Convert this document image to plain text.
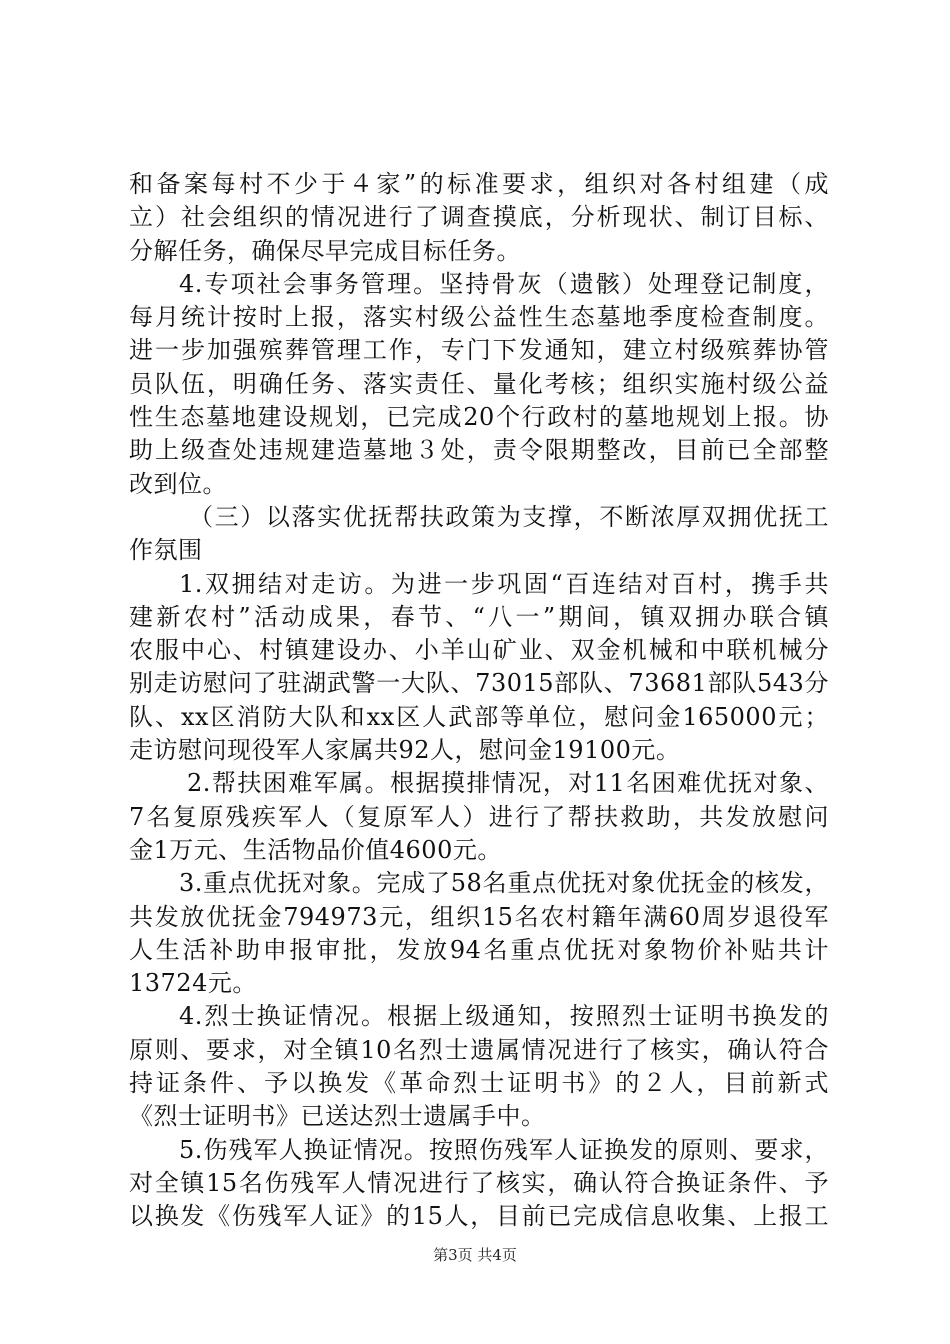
和备案每村不少于４家”的标准要求，组织对各村组建（成
立）社会组织的情况进行了调查摸底，分析现状、制订目标、
分解任务，确保尽早完成目标任务。
4.专项社会事务管理。坚持骨灰（遗骸）处理登记制度，
每月统计按时上报，落实村级公益性生态墓地季度检查制度。
进一步加强殡葬管理工作，专门下发通知，建立村级殡葬协管
员队伍，明确任务、落实责任、量化考核；组织实施村级公益
性生态墓地建设规划，已完成20个行政村的墓地规划上报。协
助上级查处违规建造墓地３处，责令限期整改，目前已全部整
改到位。
（三）以落实优抚帮扶政策为支撑，不断浓厚双拥优抚工
作氛围
1.双拥结对走访。为进一步巩固“百连结对百村，携手共
建新农村”活动成果，春节、“八一”期间，镇双拥办联合镇
农服中心、村镇建设办、小羊山矿业、双金机械和中联机械分
别走访慰问了驻湖武警一大队、73015部队、73681部队543分
队、xx区消防大队和xx区人武部等单位，慰问金165000元；
走访慰问现役军人家属共92人，慰问金19100元。
2.帮扶困难军属。根据摸排情况，对11名困难优抚对象、
7名复原残疾军人（复原军人）进行了帮扶救助，共发放慰问
金1万元、生活物品价值4600元。
3.重点优抚对象。完成了58名重点优抚对象优抚金的核发，
共发放优抚金794973元，组织15名农村籍年满60周岁退役军
人生活补助申报审批，发放94名重点优抚对象物价补贴共计
13724元。
4.烈士换证情况。根据上级通知，按照烈士证明书换发的
原则、要求，对全镇10名烈士遗属情况进行了核实，确认符合
持证条件、予以换发《革命烈士证明书》的２人，目前新式
《烈士证明书》已送达烈士遗属手中。
5.伤残军人换证情况。按照伤残军人证换发的原则、要求，
对全镇15名伤残军人情况进行了核实，确认符合换证条件、予
以换发《伤残军人证》的15人，目前已完成信息收集、上报工
第3页 共4页
